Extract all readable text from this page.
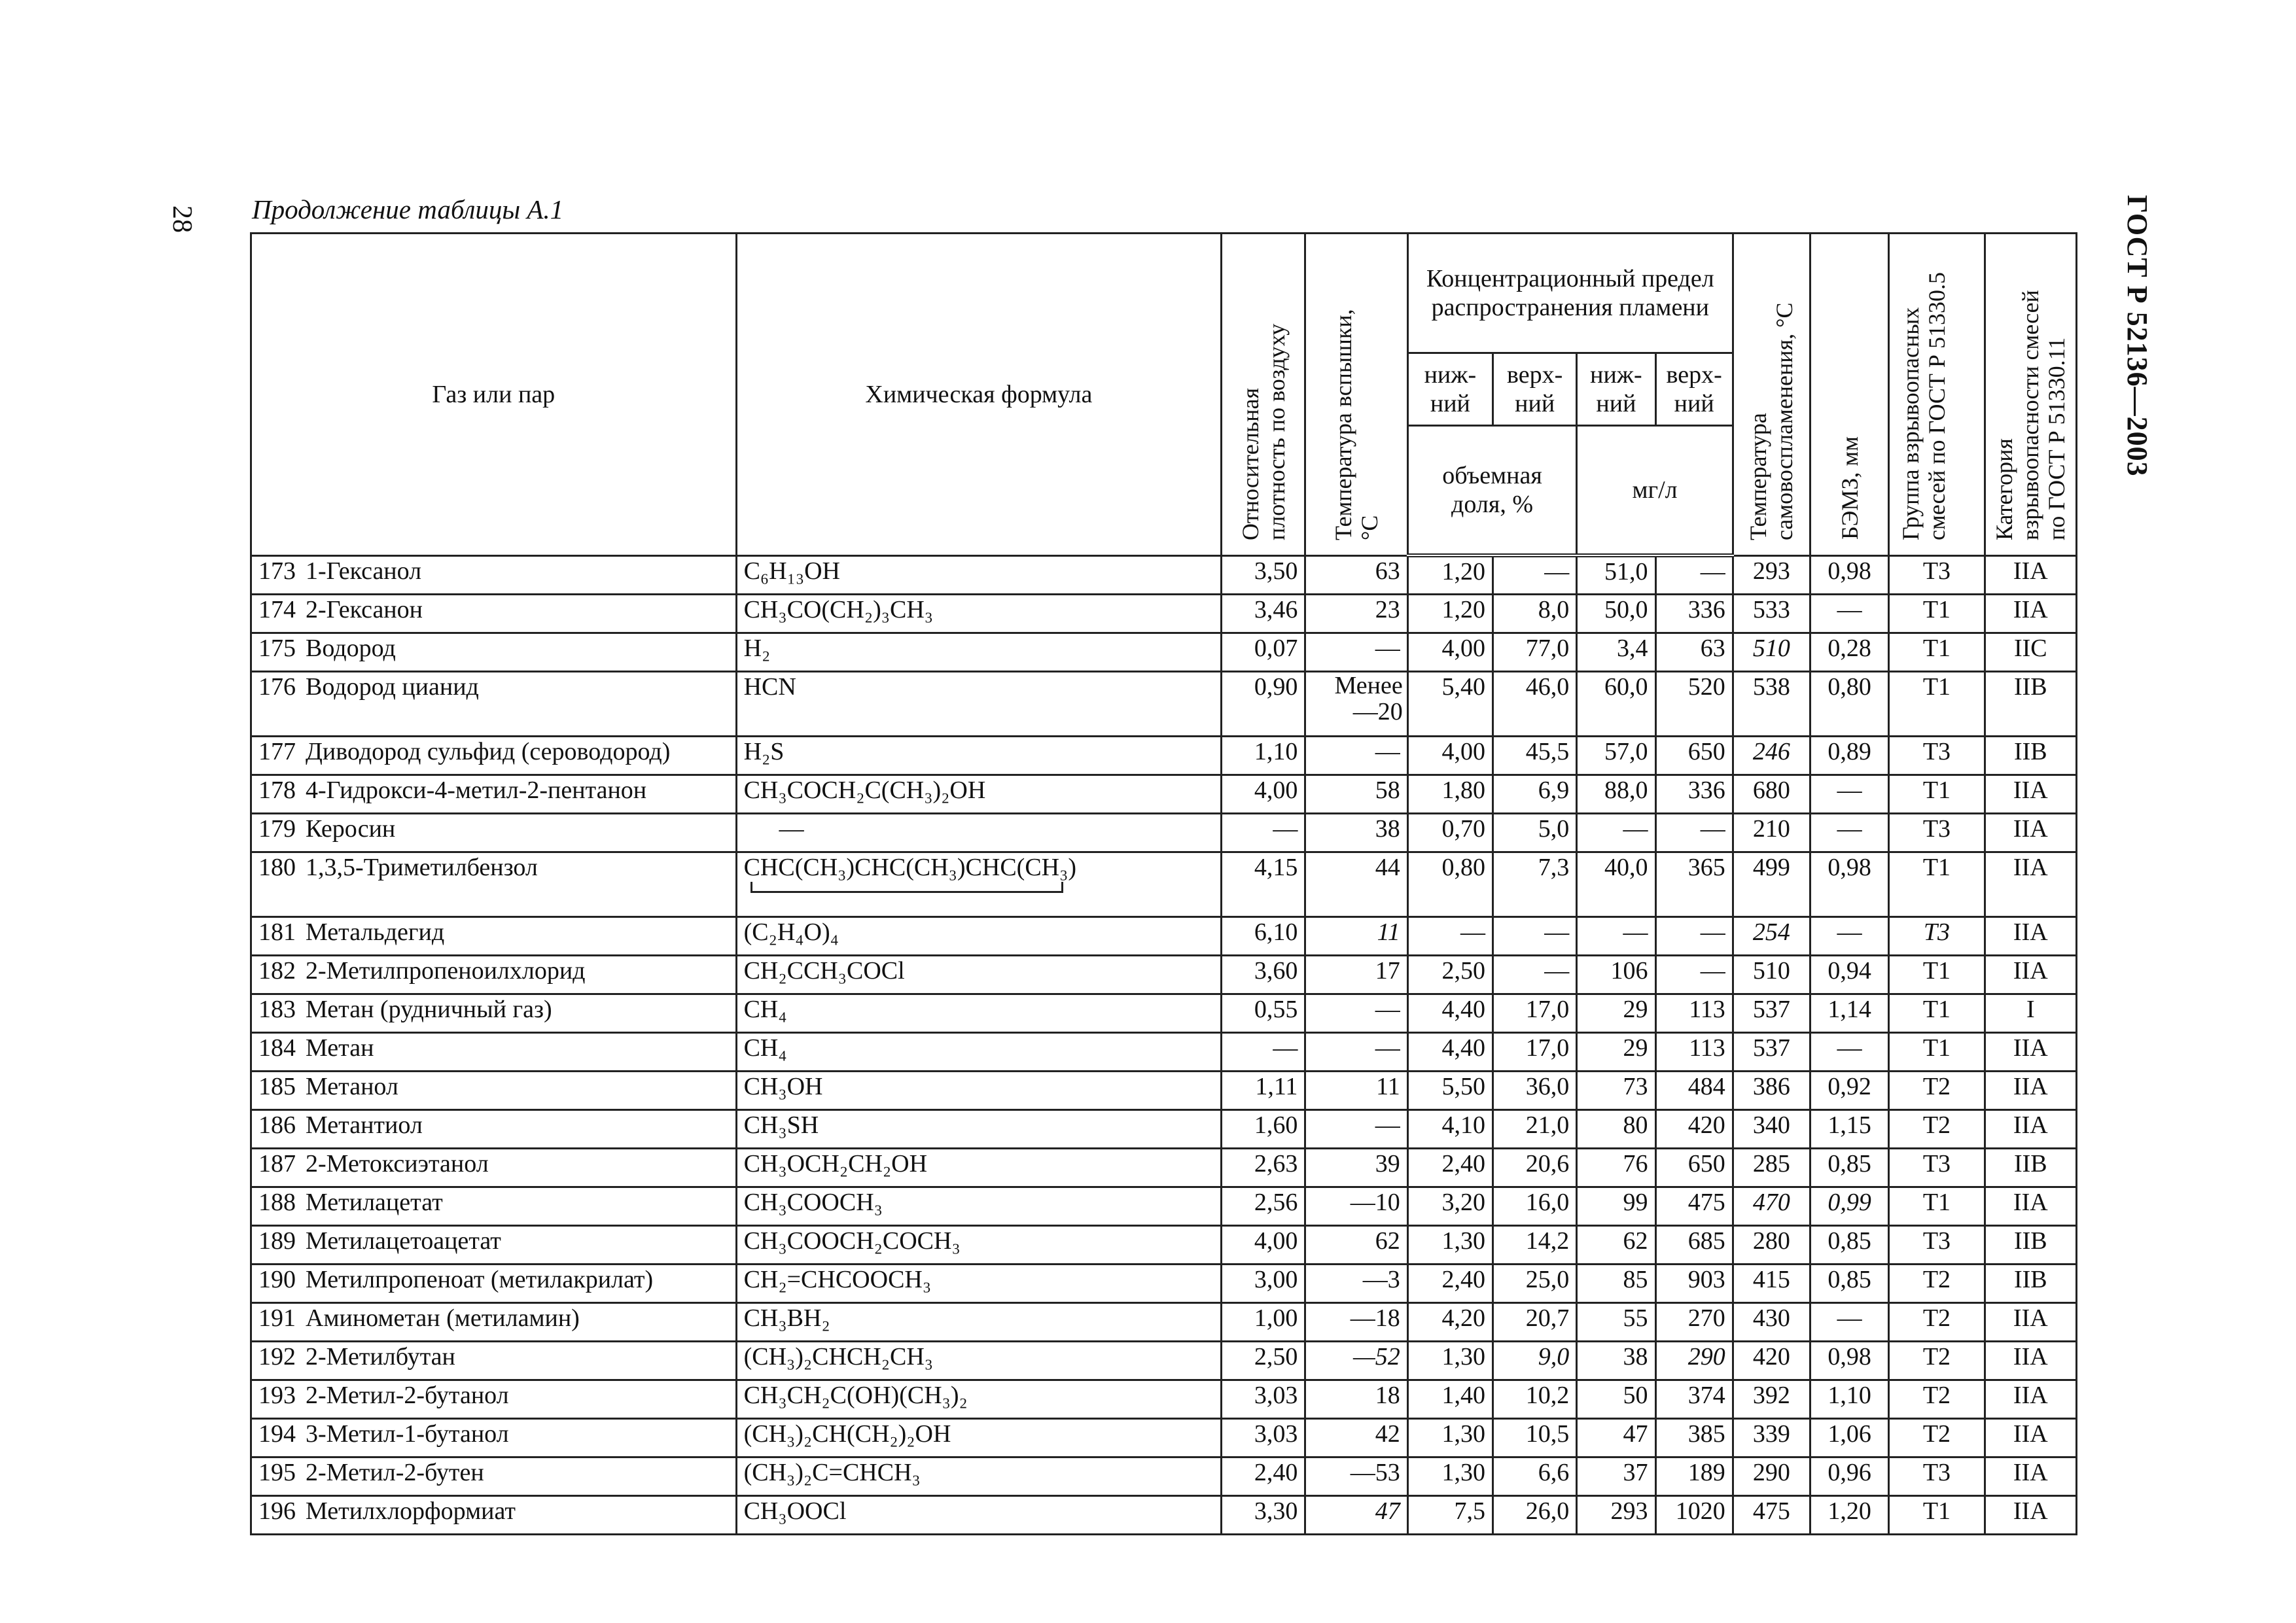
28	ГОСТ Р 52136—2003
Продолжение таблицы А.1
Газ или пар	Химическая формула	Относительная плотность по воздуху	Температура вспышки, °С	Концентрационный предел распространения пламени				Температура самовоспламенения, °С	БЭМЗ, мм	Группа взрывоопасных смесей по ГОСТ Р 51330.5	Категория взрывоопасности смесей по ГОСТ Р 51330.11
				ниж- ний	верх- ний	ниж- ний	верх- ний				
				объемная доля, %		мг/л					
173 1-Гексанол	C₆H₁₃OH	3,50	63	1,20	—	51,0	—	293	0,98	Т3	IIA
174 2-Гексанон	CH₃CO(CH₂)₃CH₃	3,46	23	1,20	8,0	50,0	336	533	—	Т1	IIA
175 Водород	H₂	0,07	—	4,00	77,0	3,4	63	510	0,28	Т1	IIC
176 Водород цианид	HCN	0,90	Менее —20	5,40	46,0	60,0	520	538	0,80	Т1	IIB
177 Диводород сульфид (сероводород)	H₂S	1,10	—	4,00	45,5	57,0	650	246	0,89	Т3	IIB
178 4-Гидрокси-4-метил-2-пентанон	CH₃COCH₂C(CH₃)₂OH	4,00	58	1,80	6,9	88,0	336	680	—	Т1	IIA
179 Керосин	—	—	38	0,70	5,0	—	—	210	—	Т3	IIA
180 1,3,5-Триметилбензол	CHC(CH₃)CHC(CH₃)CHC(CH₃)	4,15	44	0,80	7,3	40,0	365	499	0,98	Т1	IIA
181 Метальдегид	(C₂H₄O)₄	6,10	11	—	—	—	—	254	—	Т3	IIA
182 2-Метилпропеноилхлорид	CH₂CCH₃COCl	3,60	17	2,50	—	106	—	510	0,94	Т1	IIA
183 Метан (рудничный газ)	CH₄	0,55	—	4,40	17,0	29	113	537	1,14	Т1	I
184 Метан	CH₄	—	—	4,40	17,0	29	113	537	—	Т1	IIA
185 Метанол	CH₃OH	1,11	11	5,50	36,0	73	484	386	0,92	Т2	IIA
186 Метантиол	CH₃SH	1,60	—	4,10	21,0	80	420	340	1,15	Т2	IIA
187 2-Метоксиэтанол	CH₃OCH₂CH₂OH	2,63	39	2,40	20,6	76	650	285	0,85	Т3	IIB
188 Метилацетат	CH₃COOCH₃	2,56	—10	3,20	16,0	99	475	470	0,99	Т1	IIA
189 Метилацетоацетат	CH₃COOCH₂COCH₃	4,00	62	1,30	14,2	62	685	280	0,85	Т3	IIB
190 Метилпропеноат (метилакрилат)	CH₂=CHCOOCH₃	3,00	—3	2,40	25,0	85	903	415	0,85	Т2	IIB
191 Аминометан (метиламин)	CH₃BH₂	1,00	—18	4,20	20,7	55	270	430	—	Т2	IIA
192 2-Метилбутан	(CH₃)₂CHCH₂CH₃	2,50	—52	1,30	9,0	38	290	420	0,98	Т2	IIA
193 2-Метил-2-бутанол	CH₃CH₂C(OH)(CH₃)₂	3,03	18	1,40	10,2	50	374	392	1,10	Т2	IIA
194 3-Метил-1-бутанол	(CH₃)₂CH(CH₂)₂OH	3,03	42	1,30	10,5	47	385	339	1,06	Т2	IIA
195 2-Метил-2-бутен	(CH₃)₂C=CHCH₃	2,40	—53	1,30	6,6	37	189	290	0,96	Т3	IIA
196 Метилхлорформиат	CH₃OOCl	3,30	47	7,5	26,0	293	1020	475	1,20	Т1	IIA
